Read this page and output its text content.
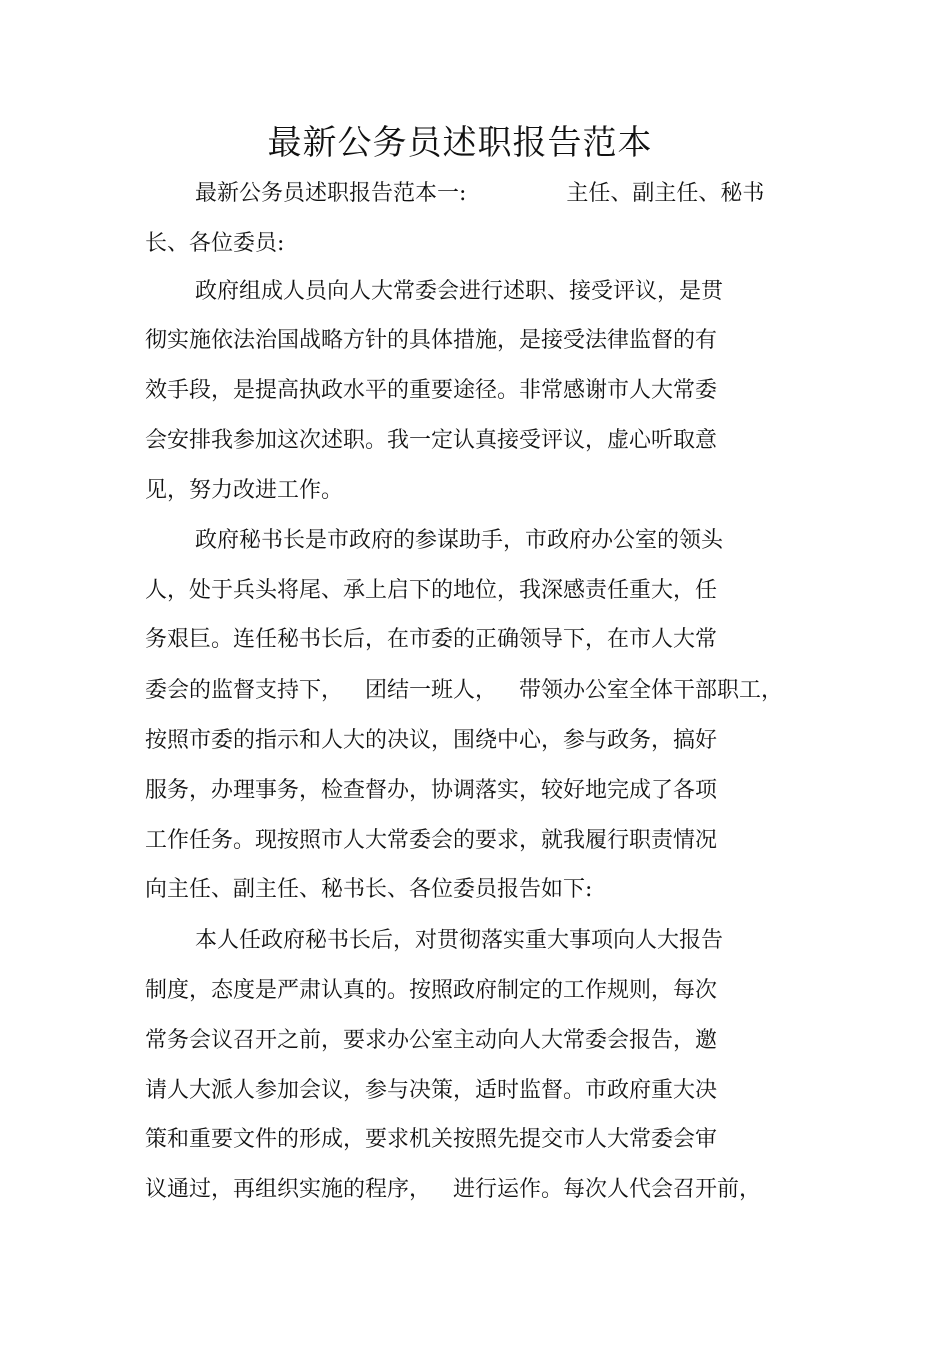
最新公务员述职报告范本
最新公务员述职报告范本一:	主任、副主任、秘书
长、各位委员:
政府组成人员向人大常委会进行述职、接受评议，是贯
彻实施依法治国战略方针的具体措施，是接受法律监督的有
效手段，是提高执政水平的重要途径。非常感谢市人大常委
会安排我参加这次述职。我一定认真接受评议，虚心听取意
见，努力改进工作。
政府秘书长是市政府的参谋助手，市政府办公室的领头
人，处于兵头将尾、承上启下的地位，我深感责任重大，任
务艰巨。连任秘书长后，在市委的正确领导下，在市人大常
委会的监督支持下， 团结一班人， 带领办公室全体干部职工，
按照市委的指示和人大的决议，围绕中心，参与政务，搞好
服务，办理事务，检查督办，协调落实，较好地完成了各项
工作任务。现按照市人大常委会的要求，就我履行职责情况
向主任、副主任、秘书长、各位委员报告如下:
本人任政府秘书长后，对贯彻落实重大事项向人大报告
制度，态度是严肃认真的。按照政府制定的工作规则，每次
常务会议召开之前，要求办公室主动向人大常委会报告，邀
请人大派人参加会议，参与决策，适时监督。市政府重大决
策和重要文件的形成，要求机关按照先提交市人大常委会审
议通过，再组织实施的程序， 进行运作。每次人代会召开前，
